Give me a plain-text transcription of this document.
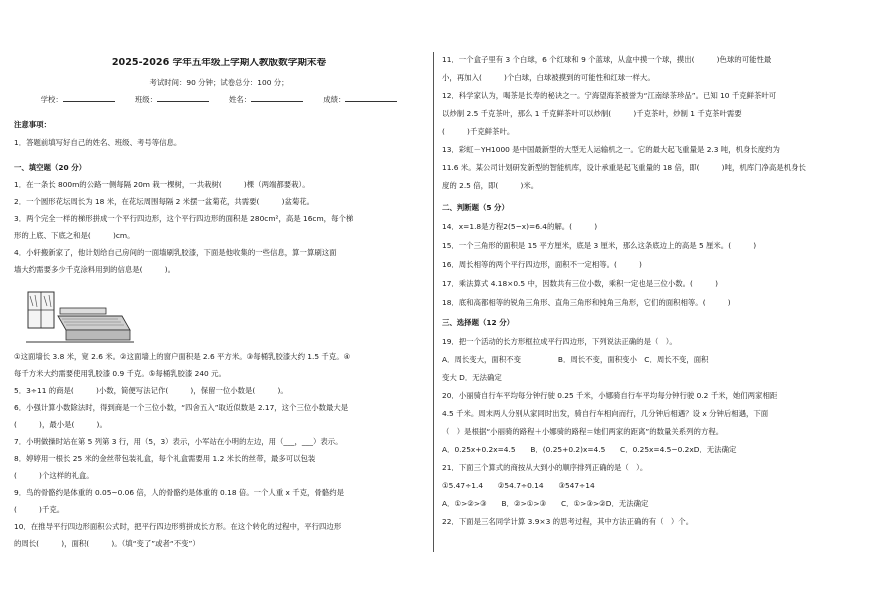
2025-2026 学年五年级上学期人教版数学期末卷
考试时间：90 分钟；试卷总分：100 分；
学校：	班级：	姓名：	成绩：
注意事项：
1．答题前填写好自己的姓名、班级、考号等信息。
一、填空题（20 分）
1．在一条长 800m的公路一侧每隔 20m 栽一棵树，一共栽树(　　　)棵（两端都要栽）。
2．一个圆形花坛周长为 18 米，在花坛周围每隔 2 米摆一盆菊花，共需要(　　　)盆菊花。
3．两个完全一样的梯形拼成一个平行四边形，这个平行四边形的面积是 280cm²，高是 16cm，每个梯
形的上底、下底之和是(　　　)cm。
4．小轩搬新家了，他计划给自己房间的一面墙刷乳胶漆，下面是他收集的一些信息，算一算刷这面
墙大约需要多少千克涂料用到的信息是(　　　)。
①这面墙长 3.8 米，宽 2.6 米。②这面墙上的窗户面积是 2.6 平方米。③每桶乳胶漆大约 1.5 千克。④
每千方米大约需要使用乳胶漆 0.9 千克。⑤每桶乳胶漆 240 元。
5．3÷11 的商是(　　　)小数，简便写法记作(　　　)，保留一位小数是(　　　)。
6．小强计算小数除法时，得到商是一个三位小数，“四舍五入”取近似数是 2.17，这个三位小数最大是
(　　　)，最小是(　　　)。
7．小明做操时站在第 5 列第 3 行，用（5，3）表示，小军站在小明的左边，用（___，___）表示。
8．婷婷用一根长 25 米的金丝带包装礼盒，每个礼盒需要用 1.2 米长的丝带，最多可以包装
(　　　)个这样的礼盒。
9．鸟的骨骼约是体重的 0.05~0.06 倍，人的骨骼约是体重的 0.18 倍。一个人重 x 千克，骨骼约是
(　　　)千克。
10．在推导平行四边形面积公式时，把平行四边形剪拼成长方形。在这个转化的过程中，平行四边形
的周长(　　　)，面积(　　　)。（填“变了”或者“不变”）
11．一个盒子里有 3 个白球，6 个红球和 9 个蓝球，从盒中摸一个球，摸出(　　　)色球的可能性最
小，再加入(　　　)个白球，白球被摸到的可能性和红球一样大。
12．科学家认为，喝茶是长寿的秘诀之一。宁海望海茶被誉为“江南绿茶珍品”。已知 10 千克鲜茶叶可
以炒制 2.5 千克茶叶，那么 1 千克鲜茶叶可以炒制(　　　)千克茶叶，炒制 1 千克茶叶需要
(　　　)千克鲜茶叶。
13．彩虹－YH1000 是中国最新型的大型无人运输机之一。它的最大起飞重量是 2.3 吨，机身长度约为
11.6 米。某公司计划研发新型的智能机库，设计承重是起飞重量的 18 倍，即(　　　)吨，机库门净高是机身长
度的 2.5 倍，即(　　　)米。
二、判断题（5 分）
14．x=1.8是方程2(5−x)=6.4的解。(　　　)
15．一个三角形的面积是 15 平方厘米，底是 3 厘米，那么这条底边上的高是 5 厘米。(　　　)
16．周长相等的两个平行四边形，面积不一定相等。(　　　)
17．乘法算式 4.18×0.5 中，因数共有三位小数，乘积一定也是三位小数。(　　　)
18．底和高都相等的锐角三角形、直角三角形和钝角三角形，它们的面积相等。(　　　)
三、选择题（12 分）
19．把一个活动的长方形框拉成平行四边形，下列说法正确的是（　）。
A．周长变大，面积不变　　　　　B．周长不变，面积变小　C．周长不变，面积
变大 D．无法确定
20．小丽骑自行车平均每分钟行驶 0.25 千米，小娜骑自行车平均每分钟行驶 0.2 千米，她们两家相距
4.5 千米。周末两人分别从家同时出发，骑自行车相向而行，几分钟后相遇？设 x 分钟后相遇，下面
（　）是根据“小丽骑的路程＋小娜骑的路程＝她们两家的距离”的数量关系列的方程。
A．0.25x+0.2x=4.5　　B．(0.25+0.2)x=4.5　　C．0.25x=4.5−0.2xD．无法确定
21．下面三个算式的商按从大到小的顺序排列正确的是（　）。
①5.47÷1.4　　②54.7÷0.14　　③547÷14
A．①>②>③　　B．②>①>③　　C．①>③>②D．无法确定
22．下面是三名同学计算 3.9×3 的思考过程，其中方法正确的有（　）个。
